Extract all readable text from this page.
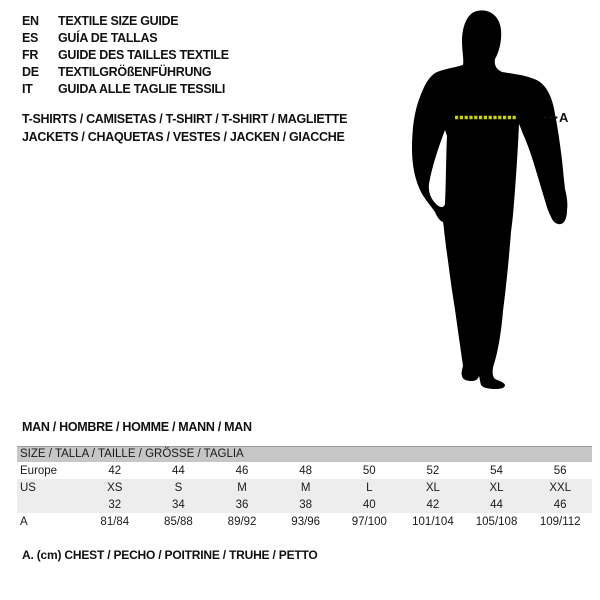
EN TEXTILE SIZE GUIDE
ES GUÍA DE TALLAS
FR GUIDE DES TAILLES TEXTILE
DE TEXTILGRÖßENFÜHRUNG
IT GUIDA ALLE TAGLIE TESSILI
T-SHIRTS / CAMISETAS / T-SHIRT / T-SHIRT / MAGLIETTE
JACKETS / CHAQUETAS / VESTES / JACKEN / GIACCHE
A
MAN / HOMBRE / HOMME / MANN / MAN
SIZE / TALLA / TAILLE / GRÖSSE / TAGLIA
Europe	42	44	46	48	50	52	54	56
US	XS	S	M	M	L	XL	XL	XXL
	32	34	36	38	40	42	44	46
A	81/84	85/88	89/92	93/96	97/100	101/104	105/108	109/112
A. (cm) CHEST / PECHO / POITRINE / TRUHE / PETTO
